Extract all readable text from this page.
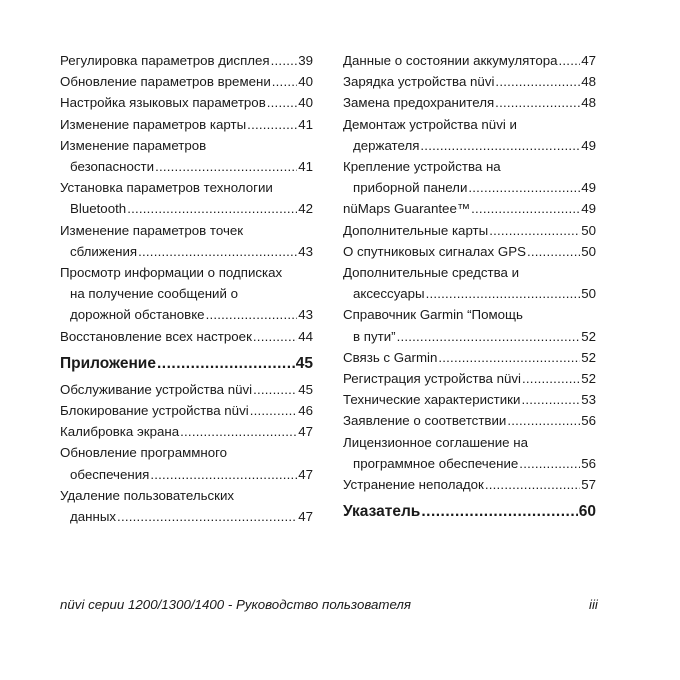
Регулировка параметров дисплея ..... 39
Обновление параметров времени ..... 40
Настройка языковых параметров ..... 40
Изменение параметров карты .....	41
Изменение параметров
безопасности .....	41
Установка параметров технологии
Bluetooth .....	42
Изменение параметров точек
сближения .....	43
Просмотр информации о подписках
на получение сообщений о
дорожной обстановке .....	43
Восстановление всех настроек .....	44
Приложение .....	45
Обслуживание устройства nüvi .....	45
Блокирование устройства nüvi .....	46
Калибровка экрана .....	47
Обновление программного
обеспечения .....	47
Удаление пользовательских
данных .....	47
Данные о состоянии аккумулятора ..... 47
Зарядка устройства nüvi .....	48
Замена предохранителя .....	48
Демонтаж устройства nüvi и
держателя .....	49
Крепление устройства на
приборной панели .....	49
nüMaps Guarantee™ .....	49
Дополнительные карты .....	50
О спутниковых сигналах GPS .....	50
Дополнительные средства и
аксессуары .....	50
Справочник Garmin “Помощь
в пути” .....	52
Связь с Garmin .....	52
Регистрация устройства nüvi .....	52
Технические характеристики .....	53
Заявление о соответствии .....	56
Лицензионное соглашение на
программное обеспечение .....	56
Устранение неполадок .....	57
Указатель .....	60
nüvi серии 1200/1300/1400 - Руководство пользователя	iii
